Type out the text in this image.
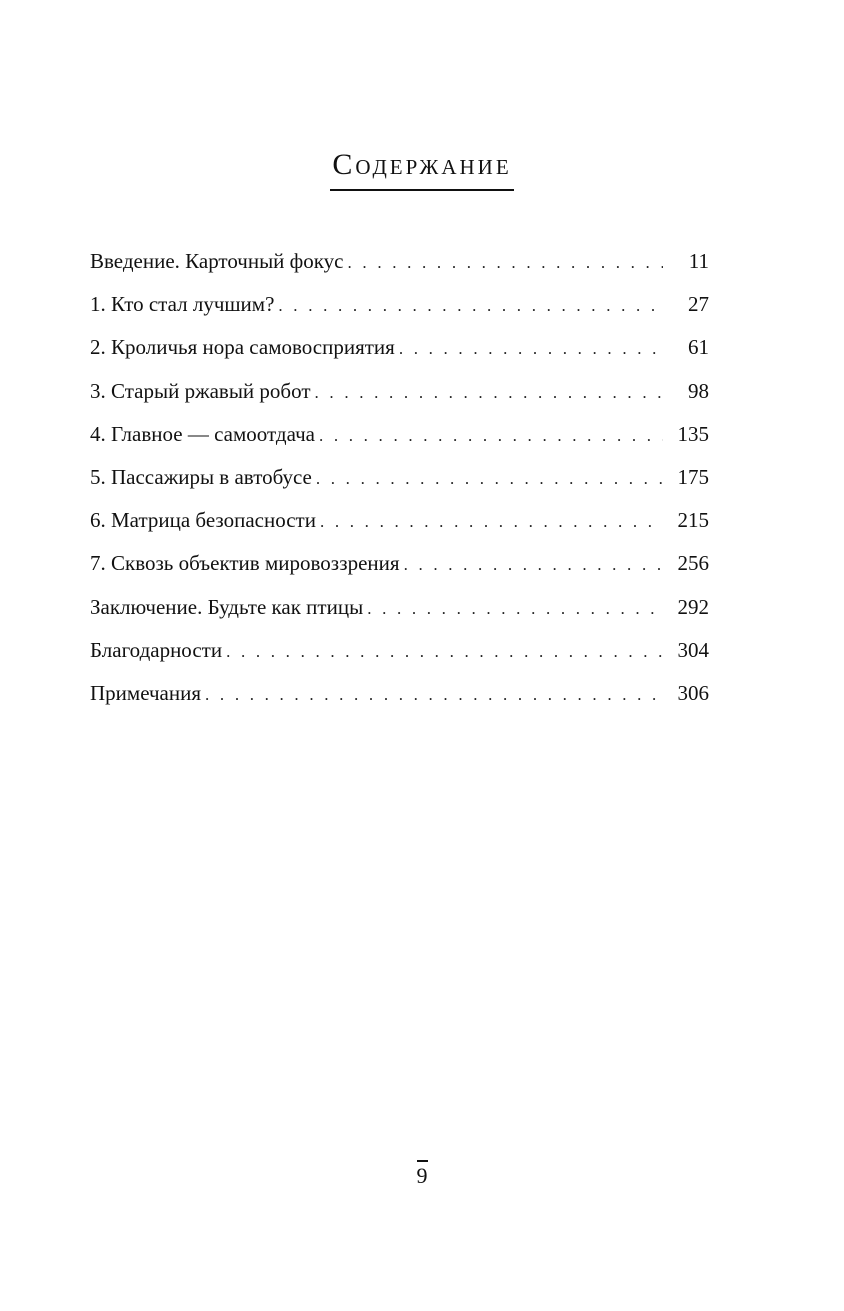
Содержание
Введение. Карточный фокус . . .	11
1. Кто стал лучшим? . . .	27
2. Кроличья нора самовосприятия . . .	61
3. Старый ржавый робот . . .	98
4. Главное — самоотдача . . .	135
5. Пассажиры в автобусе . . .	175
6. Матрица безопасности . . .	215
7. Сквозь объектив мировоззрения . . .	256
Заключение. Будьте как птицы . . .	292
Благодарности . . .	304
Примечания . . .	306
9
